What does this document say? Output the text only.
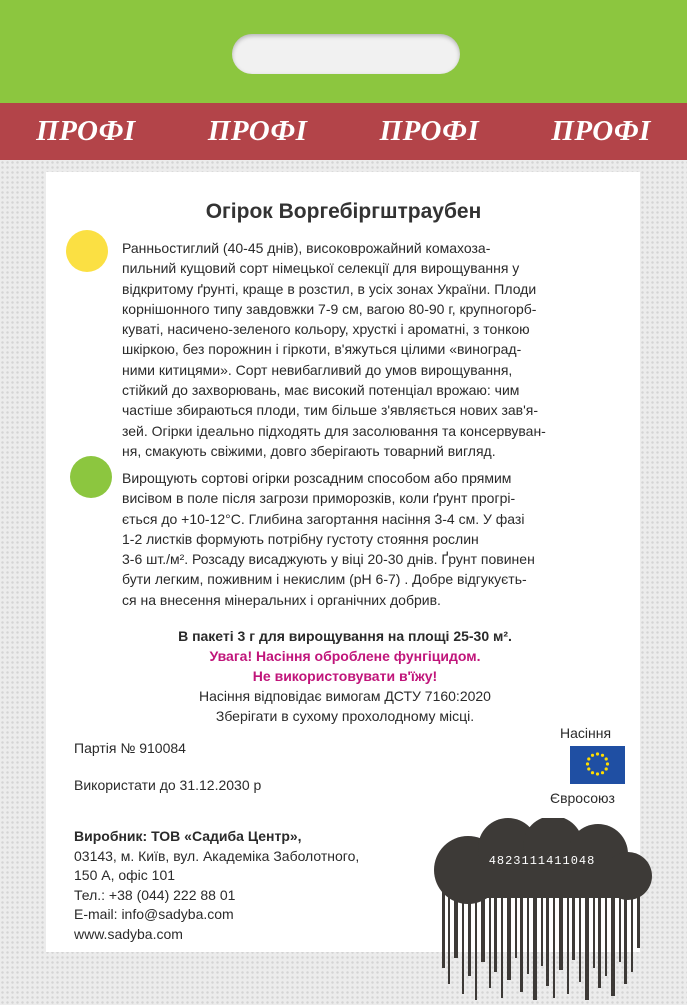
ПРОФІ ПРОФІ ПРОФІ ПРОФІ
Огірок Воргебіргштраубен
Ранньостиглий (40-45 днів), високоврожайний комахоза-
пильний кущовий сорт німецької селекції для вирощування у
відкритому ґрунті, краще в розстил, в усіх зонах України. Плоди
корнішонного типу завдовжки 7-9 см, вагою 80-90 г, крупногорб-
куваті, насичено-зеленого кольору, хрусткі і ароматні, з тонкою
шкіркою, без порожнин і гіркоти, в'яжуться цілими «виноград-
ними китицями». Сорт невибагливий до умов вирощування,
стійкий до захворювань, має високий потенціал врожаю: чим
частіше збираються плоди, тим більше з'являється нових зав'я-
зей. Огірки ідеально підходять для засолювання та консервуван-
ня, смакують свіжими, довго зберігають товарний вигляд.
Вирощують сортові огірки розсадним способом або прямим
висівом в поле після загрози приморозків, коли ґрунт прогрі-
ється до +10-12°С. Глибина загортання насіння 3-4 см. У фазі
1-2 листків формують потрібну густоту стояння рослин
3-6 шт./м². Розсаду висаджують у віці 20-30 днів. Ґрунт повинен
бути легким, поживним і некислим (рН 6-7) . Добре відгукуєть-
ся на внесення мінеральних і органічних добрив.
В пакеті 3 г для вирощування на площі 25-30 м².
Увага! Насіння оброблене фунгіцидом.
Не використовувати в'їжу!
Насіння відповідає вимогам ДСТУ 7160:2020
Зберігати в сухому прохолодному місці.
Партія № 910084
Використати до 31.12.2030 р
Насіння
Євросоюз
Виробник: ТОВ «Садиба Центр»,
03143, м. Київ, вул. Академіка Заболотного,
150 А, офіс 101
Тел.: +38 (044) 222 88 01
E-mail: info@sadyba.com
www.sadyba.com
4823111411048
